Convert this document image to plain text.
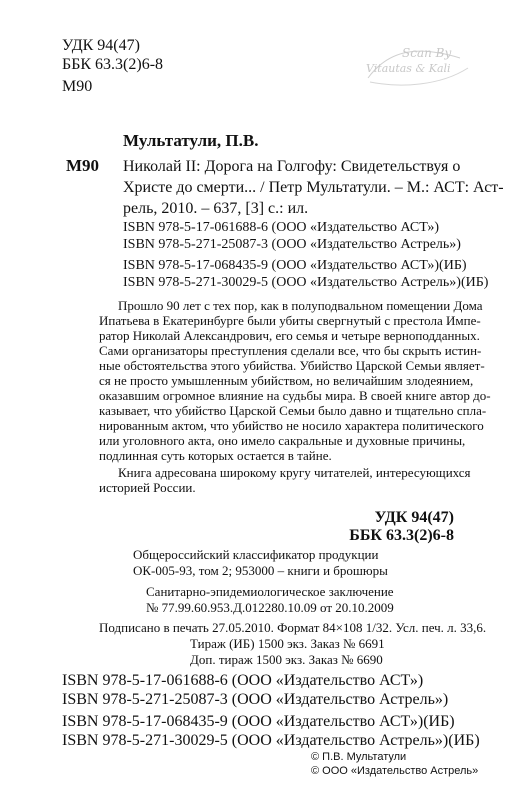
УДК 94(47)
ББК 63.3(2)6-8
М90
Scan By
Vitautas & Kali
Мультатули, П.В.
М90 Николай II: Дорога на Голгофу: Свидетельствуя о
Христе до смерти... / Петр Мультатули. – М.: АСТ: Аст-
рель, 2010. – 637, [3] с.: ил.
ISBN 978-5-17-061688-6 (ООО «Издательство АСТ»)
ISBN 978-5-271-25087-3 (ООО «Издательство Астрель»)
ISBN 978-5-17-068435-9 (ООО «Издательство АСТ»)(ИБ)
ISBN 978-5-271-30029-5 (ООО «Издательство Астрель»)(ИБ)
Прошло 90 лет с тех пор, как в полуподвальном помещении Дома
Ипатьева в Екатеринбурге были убиты свергнутый с престола Импе-
ратор Николай Александрович, его семья и четыре верноподданных.
Сами организаторы преступления сделали все, что бы скрыть истин-
ные обстоятельства этого убийства. Убийство Царской Семьи являет-
ся не просто умышленным убийством, но величайшим злодеянием,
оказавшим огромное влияние на судьбы мира. В своей книге автор до-
казывает, что убийство Царской Семьи было давно и тщательно спла-
нированным актом, что убийство не носило характера политического
или уголовного акта, оно имело сакральные и духовные причины,
подлинная суть которых остается в тайне.
Книга адресована широкому кругу читателей, интересующихся
историей России.
УДК 94(47)
ББК 63.3(2)6-8
Общероссийский классификатор продукции
ОК-005-93, том 2; 953000 – книги и брошюры
Санитарно-эпидемиологическое заключение
№ 77.99.60.953.Д.012280.10.09 от 20.10.2009
Подписано в печать 27.05.2010. Формат 84×108 1/32. Усл. печ. л. 33,6.
Тираж (ИБ) 1500 экз. Заказ № 6691
Доп. тираж 1500 экз. Заказ № 6690
ISBN 978-5-17-061688-6 (ООО «Издательство АСТ»)
ISBN 978-5-271-25087-3 (ООО «Издательство Астрель»)
ISBN 978-5-17-068435-9 (ООО «Издательство АСТ»)(ИБ)
ISBN 978-5-271-30029-5 (ООО «Издательство Астрель»)(ИБ)
© П.В. Мультатули
© ООО «Издательство Астрель»
